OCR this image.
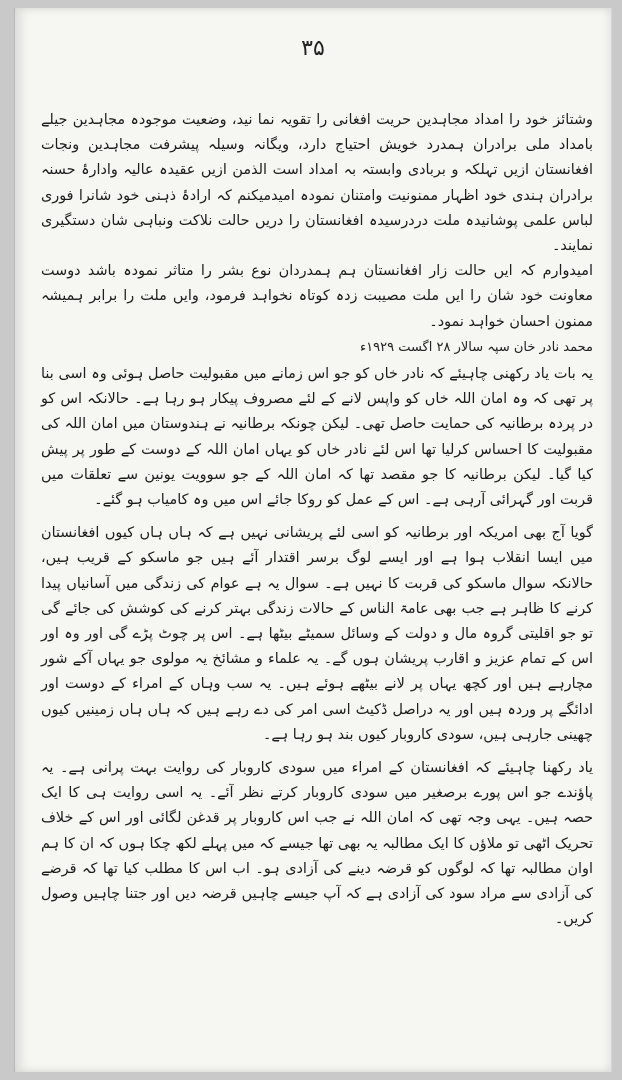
۳۵

وشتائز خود را امداد مجاہدین حریت افغانی را تقویہ نما نید، وضعیت موجودہ مجاہدین جیلے بامداد ملی برادران ہمدرد خویش احتیاج دارد، ویگانہ وسیلہ پیشرفت مجاہدین ونجات افغانستان ازیں تہلکہ و بربادی وابستہ بہ امداد است الذمن ازیں عقیدہ عالیہ وادارۂ حسنہ برادران ہندی خود اظہار ممنونیت وامتنان نمودہ امیدمیکنم کہ ارادۂ ذہنی خود شانرا فوری لباس علمی پوشانیدہ ملت دردرسیدہ افغانستان را دریں حالت نلاکت ونباہی شان دستگیری نمایند۔

امیدوارم کہ ایں حالت زار افغانستان ہم ہمدردان نوع بشر را متاثر نمودہ باشد دوست معاونت خود شان را ایں ملت مصیبت زدہ کوتاہ نخواہد فرمود، وایں ملت را برابر ہمیشہ ممنون احسان خواہد نمود۔

محمد نادر خان سپہ سالار ۲۸ اگست ۱۹۲۹ء

یہ بات یاد رکھنی چاہیئے کہ نادر خاں کو جو اس زمانے میں مقبولیت حاصل ہوئی وہ اسی بنا پر تھی کہ وہ امان اللہ خاں کو واپس لانے کے لئے مصروف پیکار ہو رہا ہے۔ حالانکہ اس کو در پردہ برطانیہ کی حمایت حاصل تھی۔ لیکن چونکہ برطانیہ نے ہندوستان میں امان اللہ کی مقبولیت کا احساس کرلیا تھا اس لئے نادر خاں کو یہاں امان اللہ کے دوست کے طور پر پیش کیا گیا۔ لیکن برطانیہ کا جو مقصد تھا کہ امان اللہ کے جو سوویت یونین سے تعلقات میں قربت اور گہرائی آرہی ہے۔ اس کے عمل کو روکا جائے اس میں وہ کامیاب ہو گئے۔

گویا آج بھی امریکہ اور برطانیہ کو اسی لئے پریشانی نہیں ہے کہ ہاں ہاں کیوں افغانستان میں ایسا انقلاب ہوا ہے اور ایسے لوگ برسر اقتدار آئے ہیں جو ماسکو کے قریب ہیں، حالانکہ سوال ماسکو کی قربت کا نہیں ہے۔ سوال یہ ہے عوام کی زندگی میں آسانیاں پیدا کرنے کا ظاہر ہے جب بھی عامۃ الناس کے حالات زندگی بہتر کرنے کی کوشش کی جائے گی تو جو اقلیتی گروہ مال و دولت کے وسائل سمیٹے بیٹھا ہے۔ اس پر چوٹ پڑے گی اور وہ اور اس کے تمام عزیز و اقارب پریشان ہوں گے۔ یہ علماء و مشائخ یہ مولوی جو یہاں آکے شور مچارہے ہیں اور کچھ یہاں پر لانے بیٹھے ہوئے ہیں۔ یہ سب وہاں کے امراء کے دوست اور ادائگے پر وردہ ہیں اور یہ دراصل ڈکیٹ اسی امر کی دے رہے ہیں کہ ہاں ہاں زمینیں کیوں چھینی جارہی ہیں، سودی کاروبار کیوں بند ہو رہا ہے۔

یاد رکھنا چاہیئے کہ افغانستان کے امراء میں سودی کاروبار کی روایت بہت پرانی ہے۔ یہ پاؤندے جو اس پورے برصغیر میں سودی کاروبار کرتے نظر آئے۔ یہ اسی روایت ہی کا ایک حصہ ہیں۔ یہی وجہ تھی کہ امان اللہ نے جب اس کاروبار پر قدغن لگائی اور اس کے خلاف تحریک اٹھی تو ملاؤں کا ایک مطالبہ یہ بھی تھا جیسے کہ میں پہلے لکھ چکا ہوں کہ ان کا ہم اوان مطالبہ تھا کہ لوگوں کو قرضہ دینے کی آزادی ہو۔ اب اس کا مطلب کیا تھا کہ قرضے کی آزادی سے مراد سود کی آزادی ہے کہ آپ جیسے چاہیں قرضہ دیں اور جتنا چاہیں وصول کریں۔
